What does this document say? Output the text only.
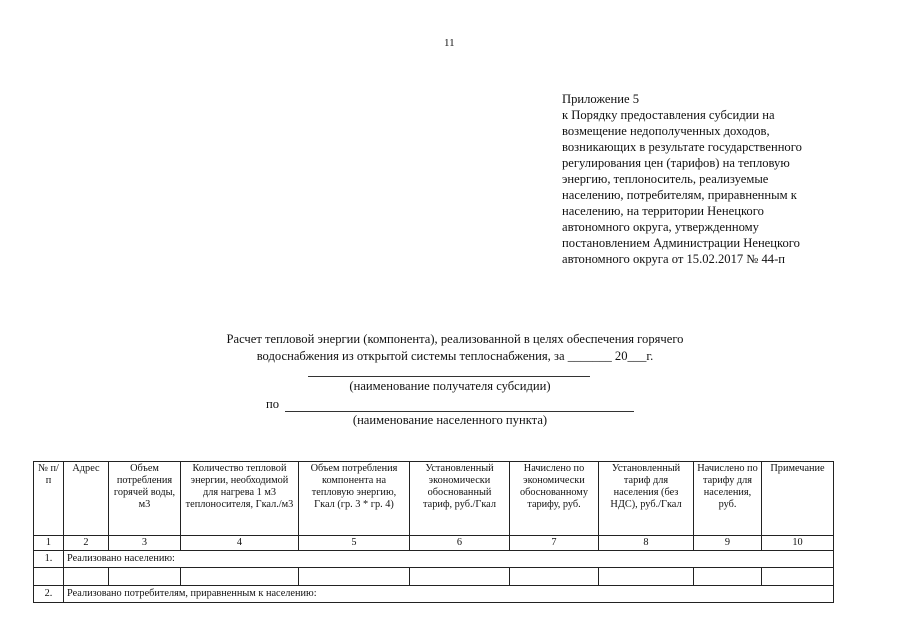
11
Приложение 5
к Порядку предоставления субсидии на
возмещение недополученных доходов,
возникающих в результате государственного
регулирования цен (тарифов) на тепловую
энергию, теплоноситель, реализуемые
населению, потребителям, приравненным к
населению, на территории Ненецкого
автономного округа, утвержденному
постановлением Администрации Ненецкого
автономного округа от 15.02.2017 № 44-п
Расчет тепловой энергии (компонента), реализованной в целях обеспечения горячего
водоснабжения из открытой системы теплоснабжения, за _______ 20___г.
(наименование получателя субсидии)
по
(наименование населенного пункта)
№ п/п	Адрес	Объем потребления горячей воды, м3	Количество тепловой энергии, необходимой для нагрева 1 м3 теплоносителя, Гкал./м3	Объем потребления компонента на тепловую энергию, Гкал (гр. 3 * гр. 4)	Установленный экономически обоснованный тариф, руб./Гкал	Начислено по экономически обоснованному тарифу, руб.	Установленный тариф для населения (без НДС), руб./Гкал	Начислено по тарифу для населения, руб.	Примечание
1	2	3	4	5	6	7	8	9	10
1.	Реализовано населению:								

2.	Реализовано потребителям, приравненным к населению:								
